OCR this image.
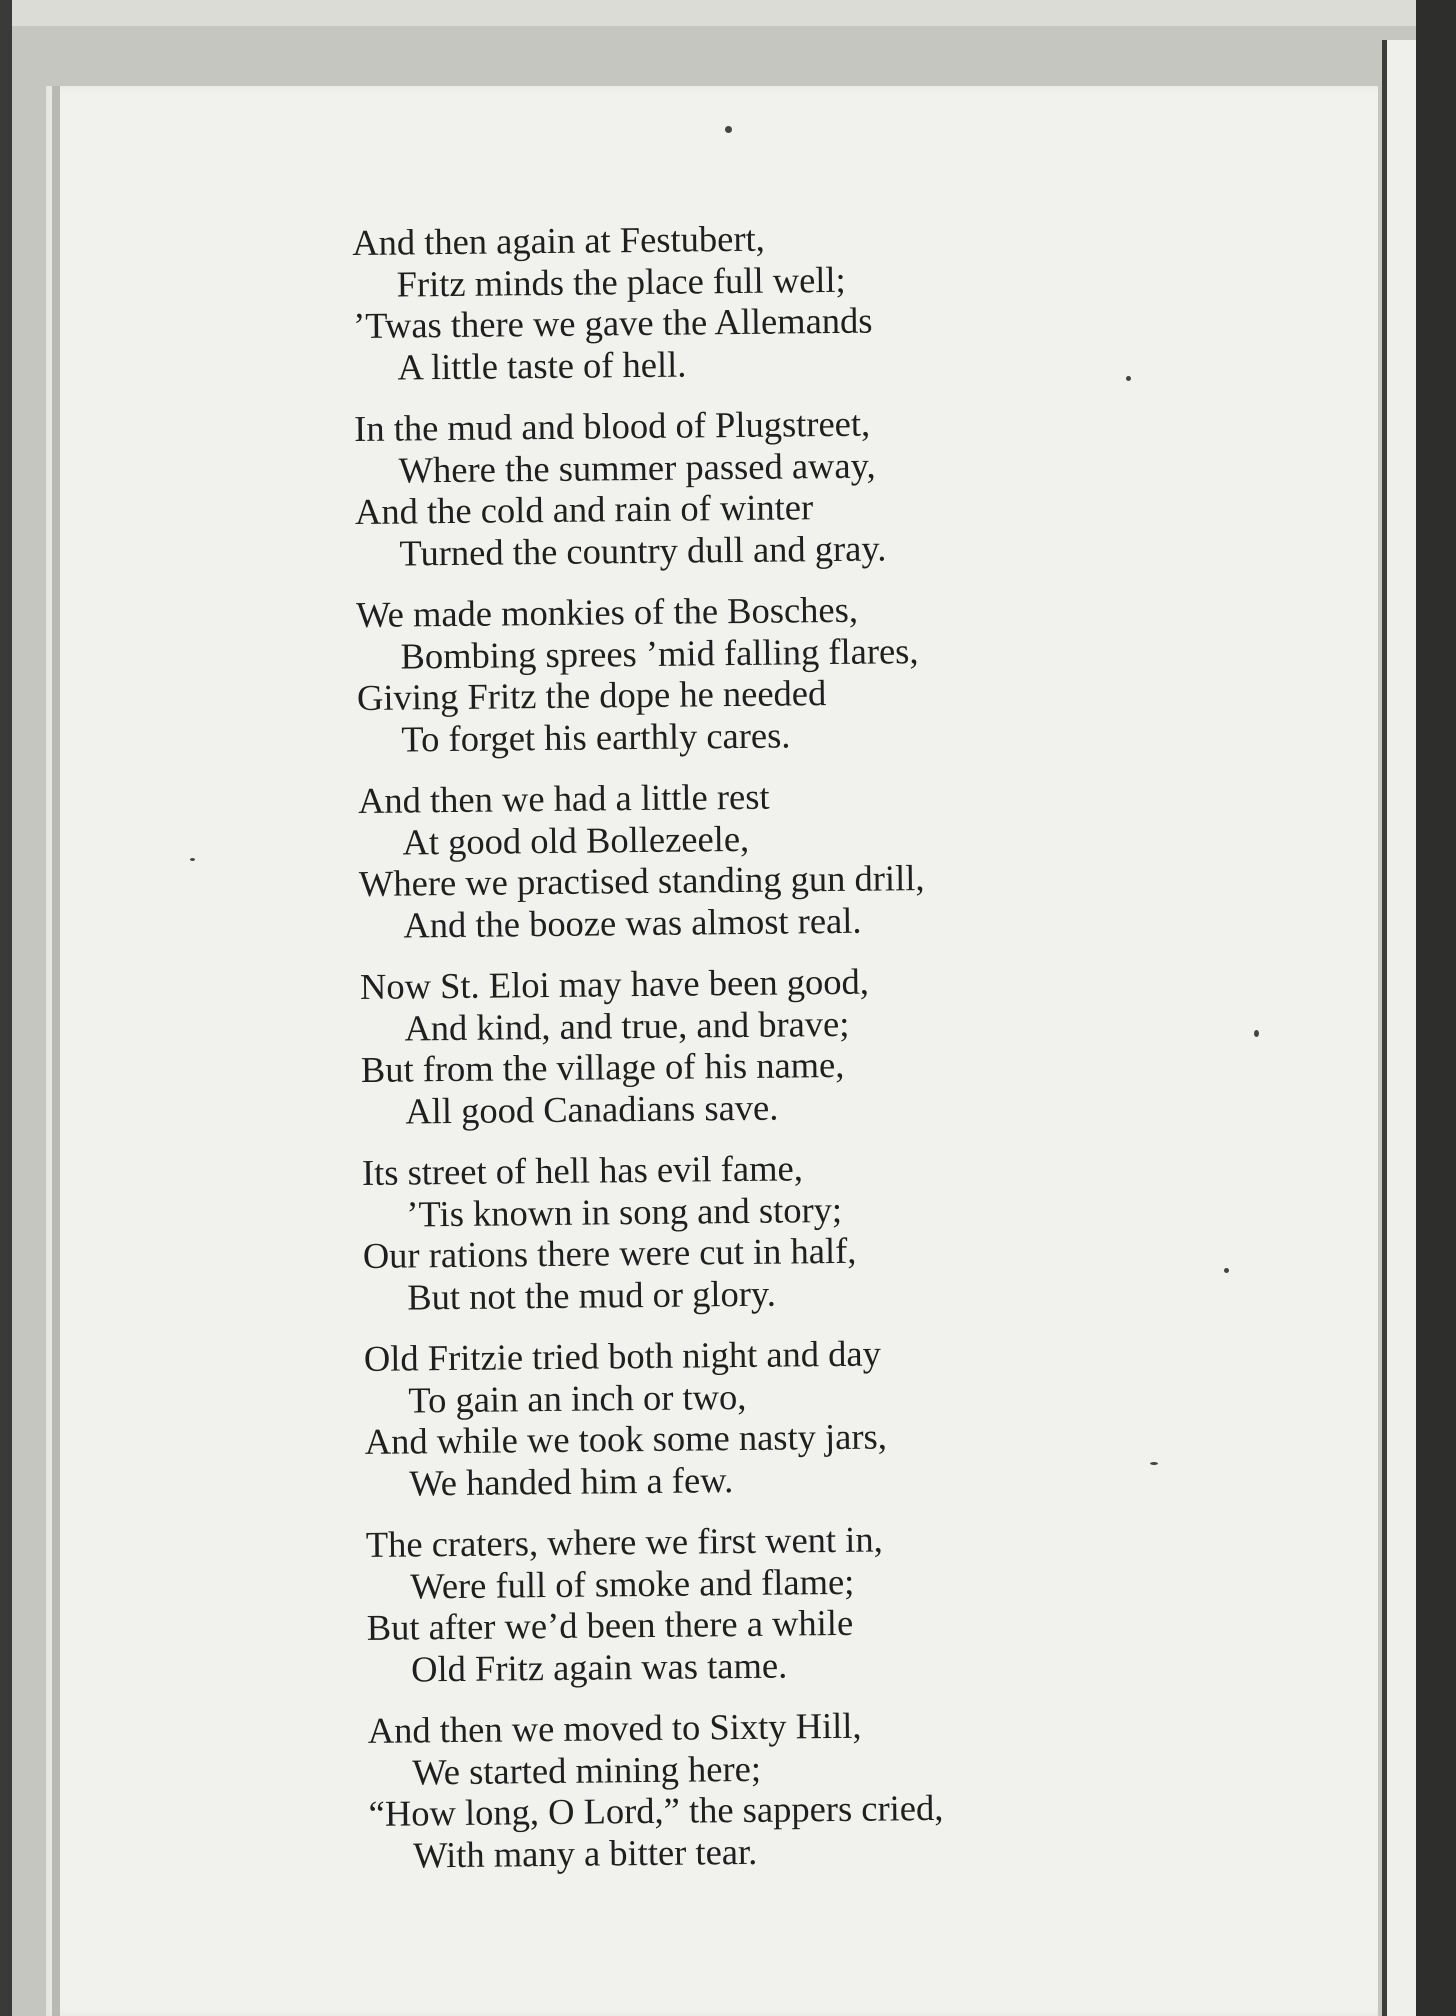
And then again at Festubert,
Fritz minds the place full well;
’Twas there we gave the Allemands
A little taste of hell.
In the mud and blood of Plugstreet,
Where the summer passed away,
And the cold and rain of winter
Turned the country dull and gray.
We made monkies of the Bosches,
Bombing sprees ’mid falling flares,
Giving Fritz the dope he needed
To forget his earthly cares.
And then we had a little rest
At good old Bollezeele,
Where we practised standing gun drill,
And the booze was almost real.
Now St. Eloi may have been good,
And kind, and true, and brave;
But from the village of his name,
All good Canadians save.
Its street of hell has evil fame,
’Tis known in song and story;
Our rations there were cut in half,
But not the mud or glory.
Old Fritzie tried both night and day
To gain an inch or two,
And while we took some nasty jars,
We handed him a few.
The craters, where we first went in,
Were full of smoke and flame;
But after we’d been there a while
Old Fritz again was tame.
And then we moved to Sixty Hill,
We started mining here;
“How long, O Lord,” the sappers cried,
With many a bitter tear.
